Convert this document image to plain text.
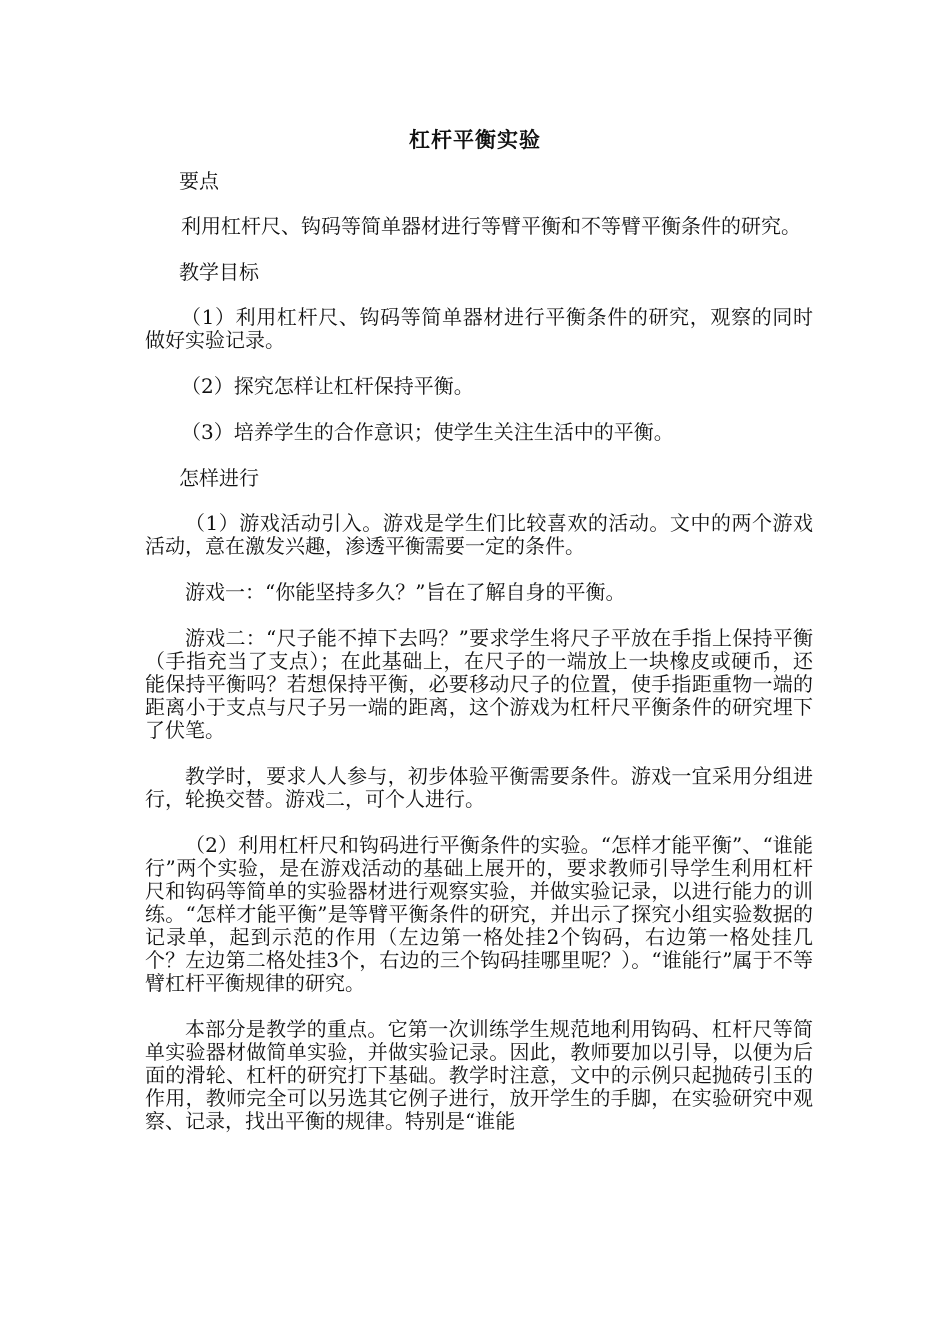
杠杆平衡实验

要点

利用杠杆尺、钩码等简单器材进行等臂平衡和不等臂平衡条件的研究。

教学目标

（1）利用杠杆尺、钩码等简单器材进行平衡条件的研究，观察的同时做好实验记录。

（2）探究怎样让杠杆保持平衡。

（3）培养学生的合作意识；使学生关注生活中的平衡。

怎样进行

（1）游戏活动引入。游戏是学生们比较喜欢的活动。文中的两个游戏活动，意在激发兴趣，渗透平衡需要一定的条件。

游戏一：“你能坚持多久？”旨在了解自身的平衡。

游戏二：“尺子能不掉下去吗？”要求学生将尺子平放在手指上保持平衡（手指充当了支点）；在此基础上，在尺子的一端放上一块橡皮或硬币，还能保持平衡吗？若想保持平衡，必要移动尺子的位置，使手指距重物一端的距离小于支点与尺子另一端的距离，这个游戏为杠杆尺平衡条件的研究埋下了伏笔。

教学时，要求人人参与，初步体验平衡需要条件。游戏一宜采用分组进行，轮换交替。游戏二，可个人进行。

（2）利用杠杆尺和钩码进行平衡条件的实验。“怎样才能平衡”、“谁能行”两个实验，是在游戏活动的基础上展开的，要求教师引导学生利用杠杆尺和钩码等简单的实验器材进行观察实验，并做实验记录，以进行能力的训练。“怎样才能平衡”是等臂平衡条件的研究，并出示了探究小组实验数据的记录单，起到示范的作用（左边第一格处挂2个钩码，右边第一格处挂几个？左边第二格处挂3个，右边的三个钩码挂哪里呢？）。“谁能行”属于不等臂杠杆平衡规律的研究。

本部分是教学的重点。它第一次训练学生规范地利用钩码、杠杆尺等简单实验器材做简单实验，并做实验记录。因此，教师要加以引导，以便为后面的滑轮、杠杆的研究打下基础。教学时注意，文中的示例只起抛砖引玉的作用，教师完全可以另选其它例子进行，放开学生的手脚，在实验研究中观察、记录，找出平衡的规律。特别是“谁能
